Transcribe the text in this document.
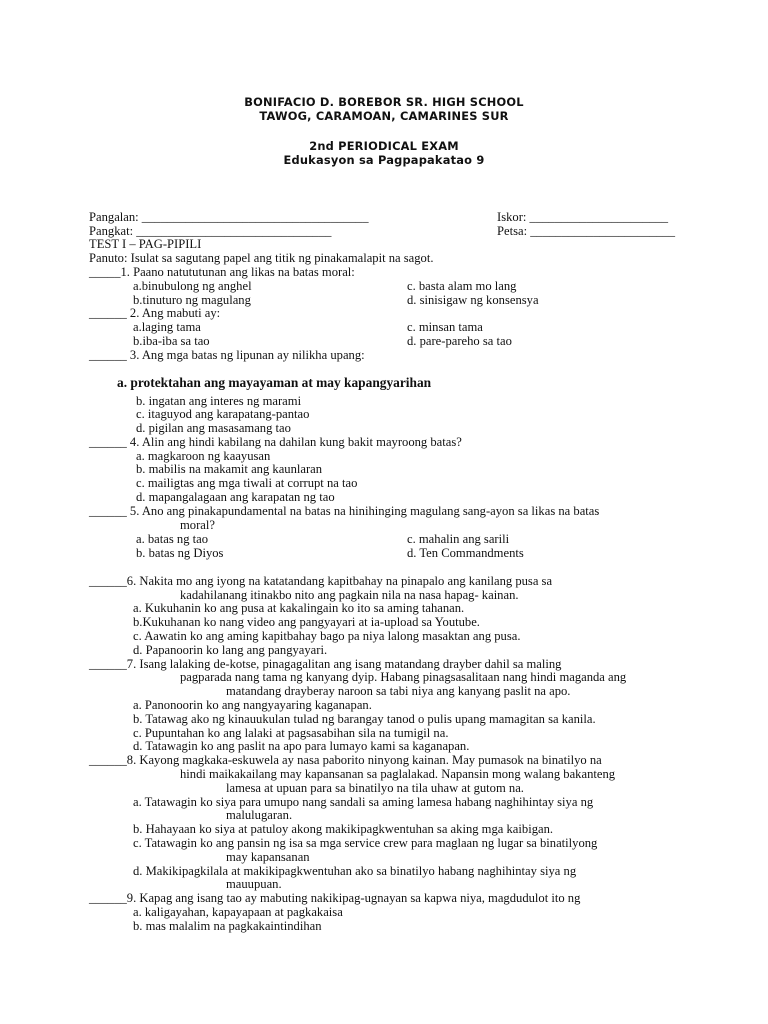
BONIFACIO D. BOREBOR SR. HIGH SCHOOL
TAWOG, CARAMOAN, CAMARINES SUR
2nd PERIODICAL EXAM
Edukasyon sa Pagpapakatao 9
Pangalan: ____________________________________	Iskor: ______________________
Pangkat: _______________________________	Petsa: _______________________
TEST I – PAG-PIPILI
Panuto: Isulat sa sagutang papel ang titik ng pinakamalapit na sagot.
_____1. Paano natututunan ang likas na batas moral:
a.binubulong ng anghel	c. basta alam mo lang
b.tinuturo ng magulang	d. sinisigaw ng konsensya
______ 2. Ang mabuti ay:
a.laging tama	c. minsan tama
b.iba-iba sa tao	d. pare-pareho sa tao
______ 3. Ang mga batas ng lipunan ay nilikha upang:
a. protektahan ang mayayaman at may kapangyarihan
b. ingatan ang interes ng marami
c. itaguyod ang karapatang-pantao
d. pigilan ang masasamang tao
______ 4. Alin ang hindi kabilang na dahilan kung bakit mayroong batas?
a. magkaroon ng kaayusan
b. mabilis na makamit ang kaunlaran
c. mailigtas ang mga tiwali at corrupt na tao
d. mapangalagaan ang karapatan ng tao
______ 5. Ano ang pinakapundamental na batas na hinihinging magulang sang-ayon sa likas na batas
moral?
a. batas ng tao	c. mahalin ang sarili
b. batas ng Diyos	d. Ten Commandments
______6. Nakita mo ang iyong na katatandang kapitbahay na pinapalo ang kanilang pusa sa
kadahilanang itinakbo nito ang pagkain nila na nasa hapag- kainan.
a. Kukuhanin ko ang pusa at kakalingain ko ito sa aming tahanan.
b.Kukuhanan ko nang video ang pangyayari at ia-upload sa Youtube.
c. Aawatin ko ang aming kapitbahay bago pa niya lalong masaktan ang pusa.
d. Papanoorin ko lang ang pangyayari.
______7. Isang lalaking de-kotse, pinagagalitan ang isang matandang drayber dahil sa maling
pagparada nang tama ng kanyang dyip. Habang pinagsasalitaan nang hindi maganda ang
matandang drayberay naroon sa tabi niya ang kanyang paslit na apo.
a. Panonoorin ko ang nangyayaring kaganapan.
b. Tatawag ako ng kinauukulan tulad ng barangay tanod o pulis upang mamagitan sa kanila.
c. Pupuntahan ko ang lalaki at pagsasabihan sila na tumigil na.
d. Tatawagin ko ang paslit na apo para lumayo kami sa kaganapan.
______8. Kayong magkaka-eskuwela ay nasa paborito ninyong kainan. May pumasok na binatilyo na
hindi maikakailang may kapansanan sa paglalakad. Napansin mong walang bakanteng
lamesa at upuan para sa binatilyo na tila uhaw at gutom na.
a. Tatawagin ko siya para umupo nang sandali sa aming lamesa habang naghihintay siya ng
malulugaran.
b. Hahayaan ko siya at patuloy akong makikipagkwentuhan sa aking mga kaibigan.
c. Tatawagin ko ang pansin ng isa sa mga service crew para maglaan ng lugar sa binatilyong
may kapansanan
d. Makikipagkilala at makikipagkwentuhan ako sa binatilyo habang naghihintay siya ng
mauupuan.
______9. Kapag ang isang tao ay mabuting nakikipag-ugnayan sa kapwa niya, magdudulot ito ng
a. kaligayahan, kapayapaan at pagkakaisa
b. mas malalim na pagkakaintindihan
